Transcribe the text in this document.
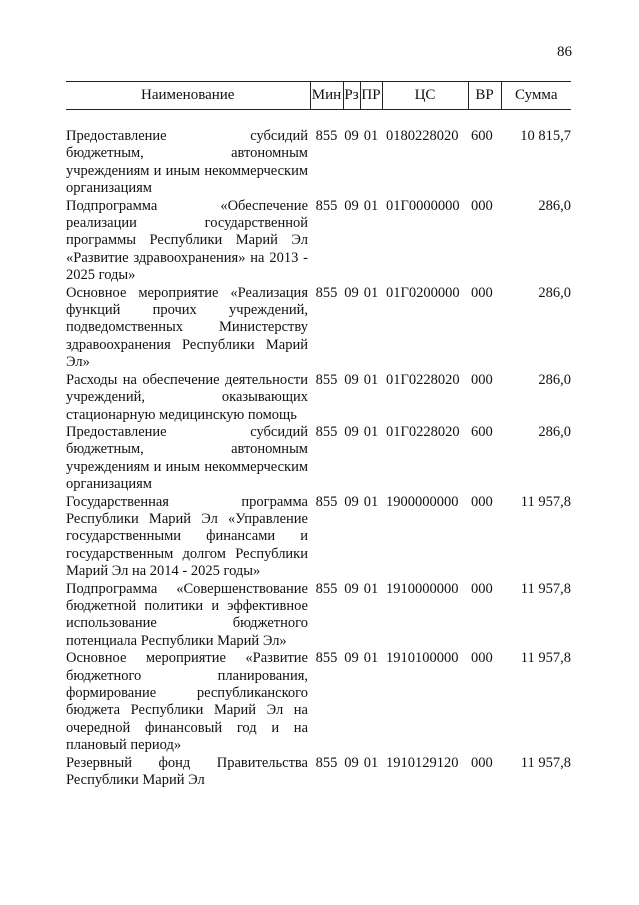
86
Наименование	Мин	Рз	ПР	ЦС	ВР	Сумма

Предоставление субсидий бюджетным, автономным учреждениям и иным некоммерческим организациям	855	09	01	0180228020	600	10 815,7
Подпрограмма «Обеспечение реализации государственной программы Республики Марий Эл «Развитие здравоохранения» на 2013 - 2025 годы»	855	09	01	01Г0000000	000	286,0
Основное мероприятие «Реализация функций прочих учреждений, подведомственных Министерству здравоохранения Республики Марий Эл»	855	09	01	01Г0200000	000	286,0
Расходы на обеспечение деятельности учреждений, оказывающих стационарную медицинскую помощь	855	09	01	01Г0228020	000	286,0
Предоставление субсидий бюджетным, автономным учреждениям и иным некоммерческим организациям	855	09	01	01Г0228020	600	286,0
Государственная программа Республики Марий Эл «Управление государственными финансами и государственным долгом Республики Марий Эл на 2014 - 2025 годы»	855	09	01	1900000000	000	11 957,8
Подпрограмма «Совершенствование бюджетной политики и эффективное использование бюджетного потенциала Республики Марий Эл»	855	09	01	1910000000	000	11 957,8
Основное мероприятие «Развитие бюджетного планирования, формирование республиканского бюджета Республики Марий Эл на очередной финансовый год и на плановый период»	855	09	01	1910100000	000	11 957,8
Резервный фонд Правительства Республики Марий Эл	855	09	01	1910129120	000	11 957,8
